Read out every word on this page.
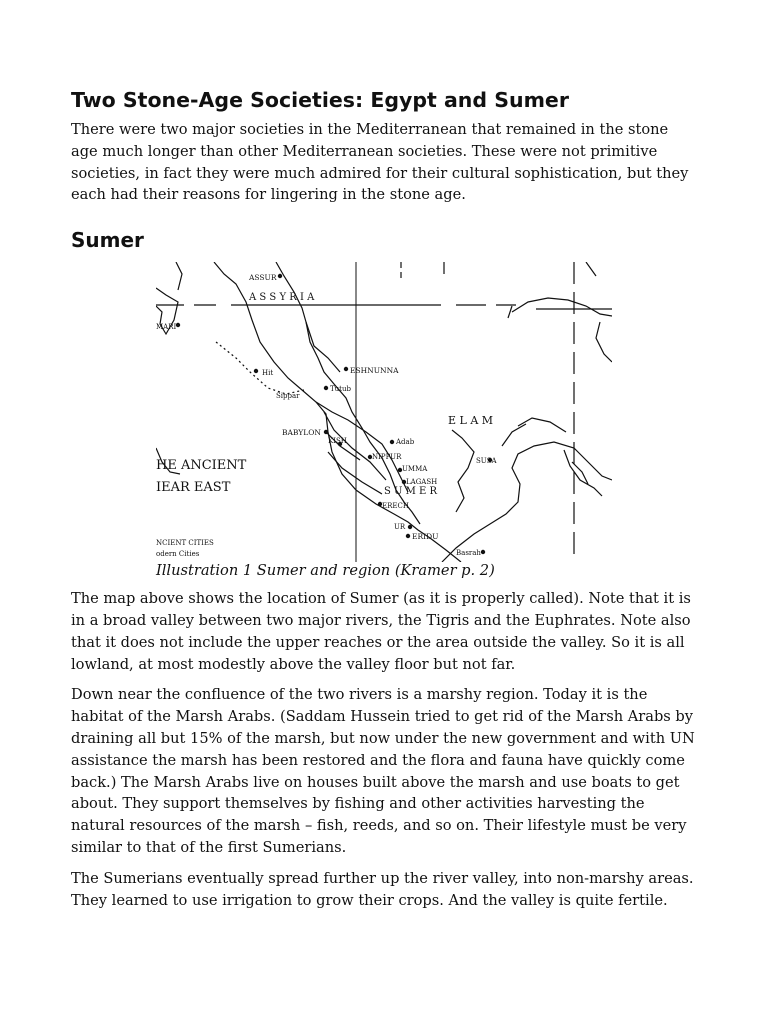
Two Stone-Age Societies: Egypt and Sumer

There were two major societies in the Mediterranean that remained in the stone age much longer than other Mediterranean societies. These were not primitive societies, in fact they were much admired for their cultural sophistication, but they each had their reasons for lingering in the stone age.

Sumer
ASSUR
A S S Y R I A
MARI
Hit	ESHNUNNA
Tutub
Sippar
BABYLON
KISH
NIPPUR
Adab
UMMA
LAGASH
S U M E R
ERECH
UR
ERIDU
Basrah
E L A M
SUSA
HE ANCIENT
IEAR EAST
NCIENT CITIES
odern Cities
Illustration 1 Sumer and region (Kramer p. 2)

The map above shows the location of Sumer (as it is properly called). Note that it is in a broad valley between two major rivers, the Tigris and the Euphrates. Note also that it does not include the upper reaches or the area outside the valley. So it is all lowland, at most modestly above the valley floor but not far.

Down near the confluence of the two rivers is a marshy region. Today it is the habitat of the Marsh Arabs. (Saddam Hussein tried to get rid of the Marsh Arabs by draining all but 15% of the marsh, but now under the new government and with UN assistance the marsh has been restored and the flora and fauna have quickly come back.) The Marsh Arabs live on houses built above the marsh and use boats to get about. They support themselves by fishing and other activities harvesting the natural resources of the marsh – fish, reeds, and so on. Their lifestyle must be very similar to that of the first Sumerians.

The Sumerians eventually spread further up the river valley, into non-marshy areas. They learned to use irrigation to grow their crops. And the valley is quite fertile.
